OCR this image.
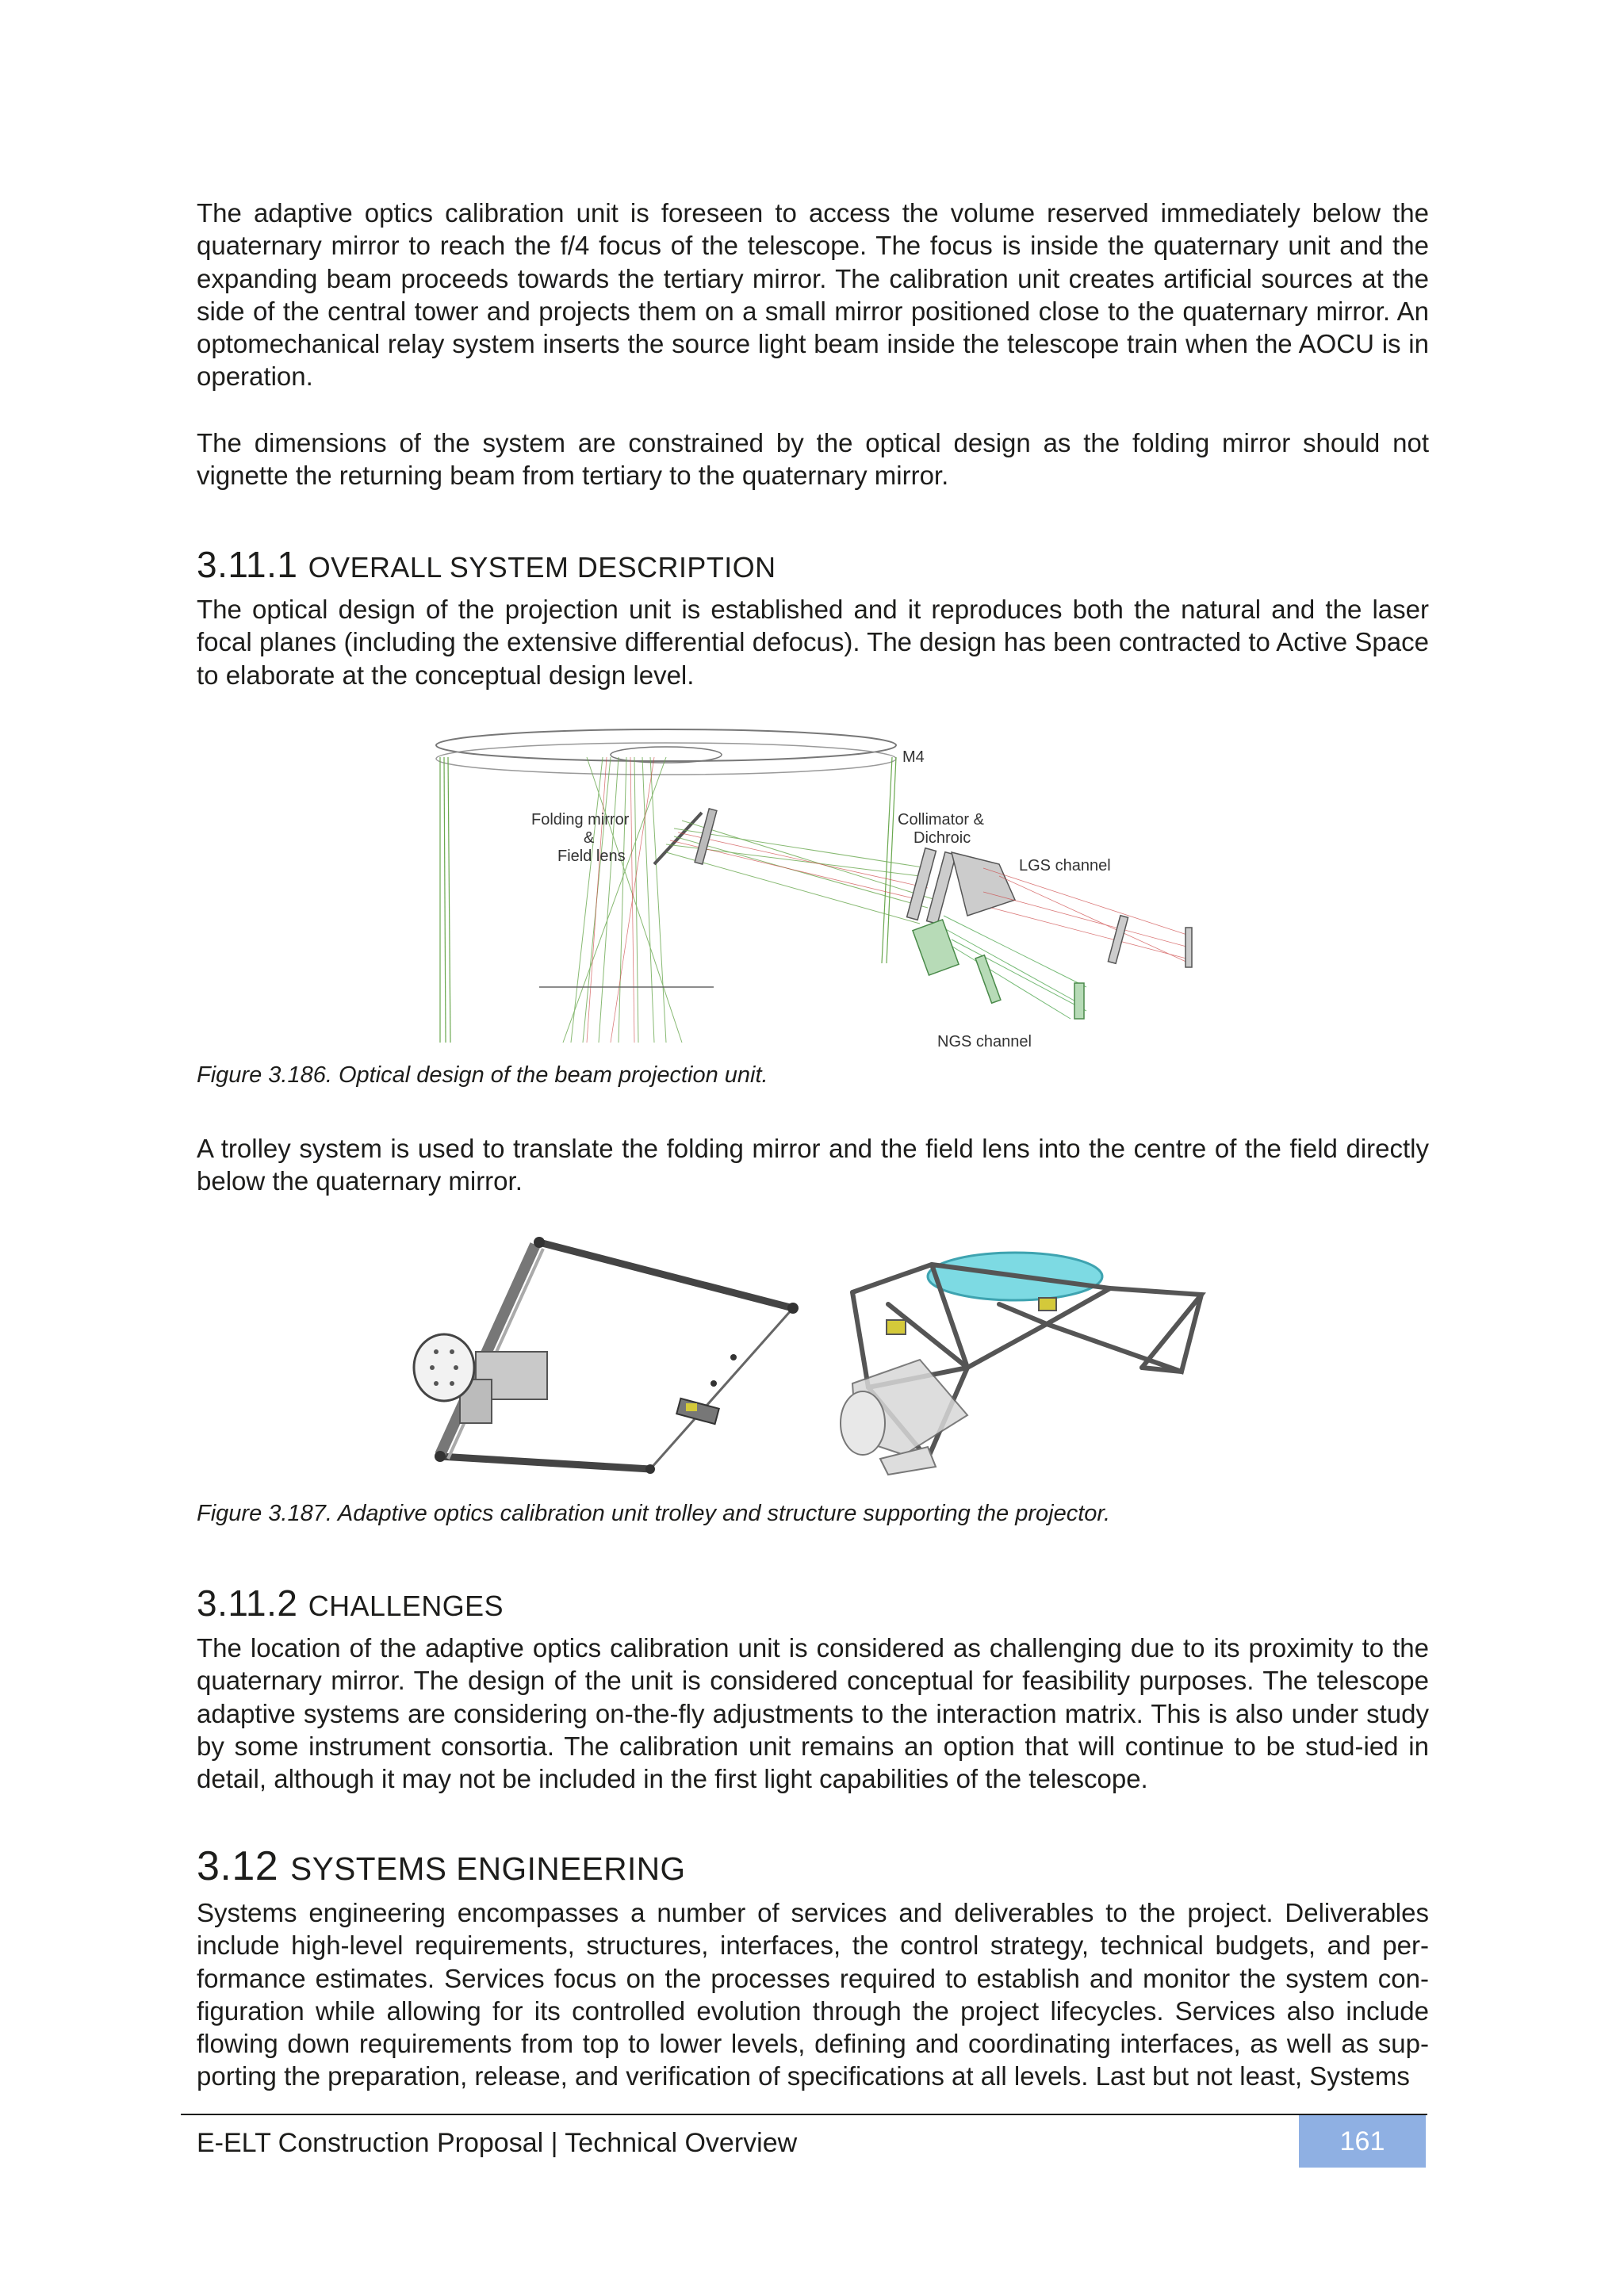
The adaptive optics calibration unit is foreseen to access the volume reserved immediately below the quaternary mirror to reach the f/4 focus of the telescope. The focus is inside the quaternary unit and the expanding beam proceeds towards the tertiary mirror. The calibration unit creates artificial sources at the side of the central tower and projects them on a small mirror positioned close to the quaternary mirror. An optomechanical relay system inserts the source light beam inside the telescope train when the AOCU is in operation.

The dimensions of the system are constrained by the optical design as the folding mirror should not vignette the returning beam from tertiary to the quaternary mirror.

3.11.1 OVERALL SYSTEM DESCRIPTION

The optical design of the projection unit is established and it reproduces both the natural and the laser focal planes (including the extensive differential defocus). The design has been contracted to Active Space to elaborate at the conceptual design level.

Figure 3.186. Optical design of the beam projection unit.

A trolley system is used to translate the folding mirror and the field lens into the centre of the field directly below the quaternary mirror.

Figure 3.187. Adaptive optics calibration unit trolley and structure supporting the projector.

3.11.2 CHALLENGES

The location of the adaptive optics calibration unit is considered as challenging due to its proximity to the quaternary mirror. The design of the unit is considered conceptual for feasibility purposes. The telescope adaptive systems are considering on-the-fly adjustments to the interaction matrix. This is also under study by some instrument consortia. The calibration unit remains an option that will continue to be stud-ied in detail, although it may not be included in the first light capabilities of the telescope.

3.12 SYSTEMS ENGINEERING

Systems engineering encompasses a number of services and deliverables to the project. Deliverables include high-level requirements, structures, interfaces, the control strategy, technical budgets, and per-formance estimates. Services focus on the processes required to establish and monitor the system con-figuration while allowing for its controlled evolution through the project lifecycles. Services also include flowing down requirements from top to lower levels, defining and coordinating interfaces, as well as sup-porting the preparation, release, and verification of specifications at all levels. Last but not least, Systems

M4
Folding mirror
&
Field lens
Collimator &
Dichroic
LGS channel
NGS channel
E-ELT Construction Proposal | Technical Overview	161
